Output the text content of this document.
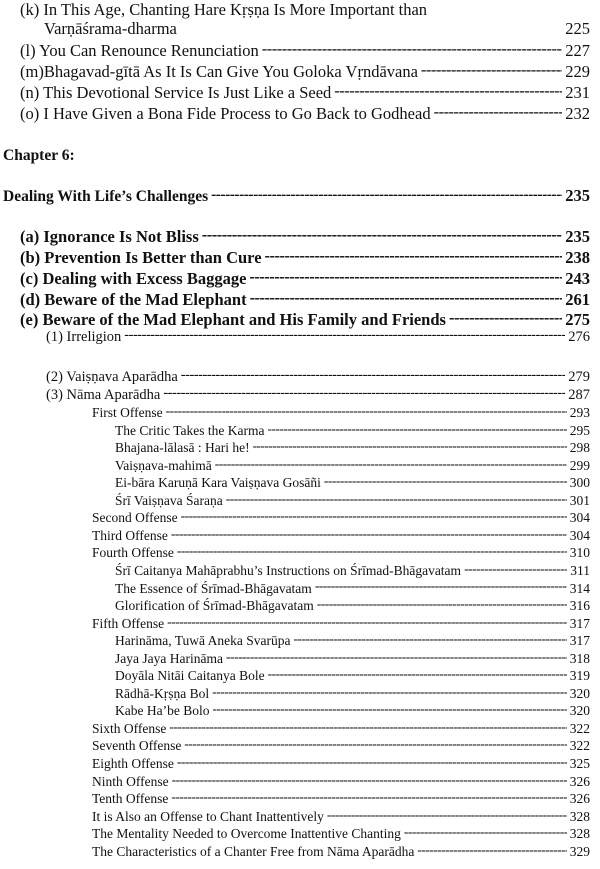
(k) In This Age, Chanting Hare Kṛṣṇa Is More Important than
Varṇāśrama-dharma	225
(l) You Can Renounce Renunciation -----	227
(m)Bhagavad-gītā As It Is Can Give You Goloka Vṛndāvana -----	229
(n) This Devotional Service Is Just Like a Seed -----	231
(o) I Have Given a Bona Fide Process to Go Back to Godhead -----	232
Chapter 6:
Dealing With Life’s Challenges -----	235
(a) Ignorance Is Not Bliss -----	235
(b) Prevention Is Better than Cure -----	238
(c) Dealing with Excess Baggage -----	243
(d) Beware of the Mad Elephant -----	261
(e) Beware of the Mad Elephant and His Family and Friends -----	275
(1) Irreligion -----	276
(2) Vaiṣṇava Aparādha -----	279
(3) Nāma Aparādha -----	287
First Offense -----	293
The Critic Takes the Karma -----	295
Bhajana-lālasā : Hari he! -----	298
Vaiṣṇava-mahimā -----	299
Ei-bāra Karuṇā Kara Vaiṣṇava Gosāñi -----	300
Śrī Vaiṣṇava Śaraṇa -----	301
Second Offense -----	304
Third Offense -----	304
Fourth Offense -----	310
Śrī Caitanya Mahāprabhu’s Instructions on Śrīmad-Bhāgavatam -----	311
The Essence of Śrīmad-Bhāgavatam -----	314
Glorification of Śrīmad-Bhāgavatam -----	316
Fifth Offense -----	317
Harināma, Tuwā Aneka Svarūpa -----	317
Jaya Jaya Harināma -----	318
Doyāla Nitāi Caitanya Bole -----	319
Rādhā-Kṛṣṇa Bol -----	320
Kabe Ha’be Bolo -----	320
Sixth Offense -----	322
Seventh Offense -----	322
Eighth Offense -----	325
Ninth Offense -----	326
Tenth Offense -----	326
It is Also an Offense to Chant Inattentively -----	328
The Mentality Needed to Overcome Inattentive Chanting -----	328
The Characteristics of a Chanter Free from Nāma Aparādha -----	329
